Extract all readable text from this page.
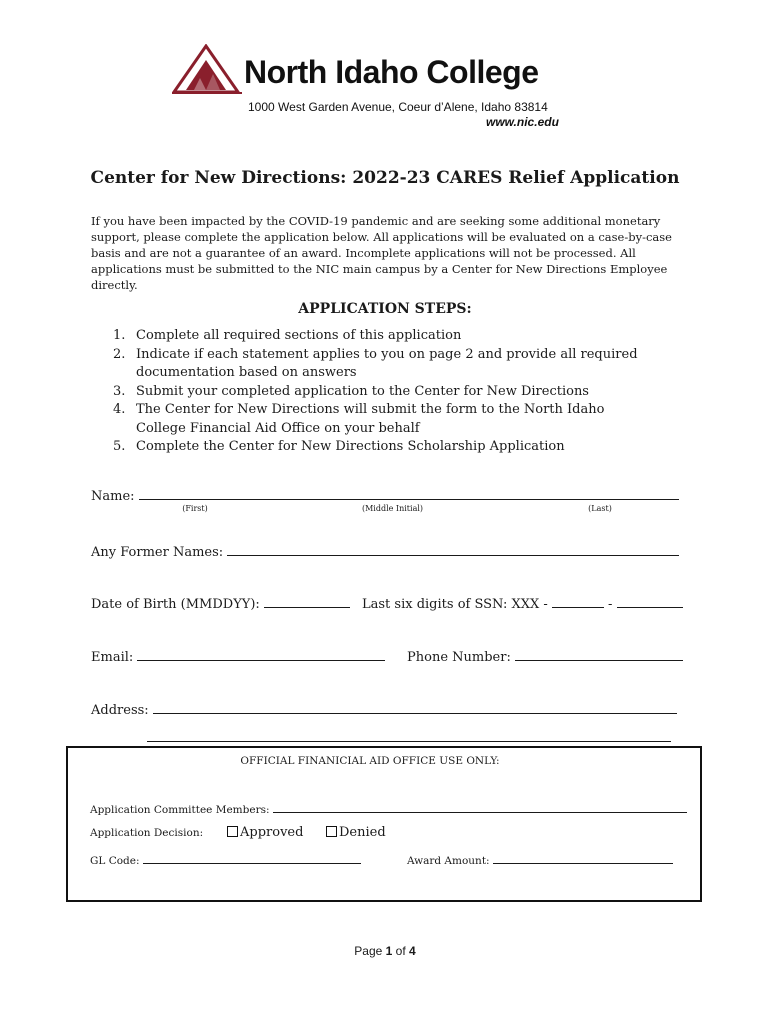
North Idaho College
1000 West Garden Avenue, Coeur d’Alene, Idaho 83814
www.nic.edu
Center for New Directions: 2022-23 CARES Relief Application
If you have been impacted by the COVID-19 pandemic and are seeking some additional monetary support, please complete the application below. All applications will be evaluated on a case-by-case basis and are not a guarantee of an award. Incomplete applications will not be processed. All applications must be submitted to the NIC main campus by a Center for New Directions Employee directly.
APPLICATION STEPS:
1. Complete all required sections of this application
2. Indicate if each statement applies to you on page 2 and provide all required documentation based on answers
3. Submit your completed application to the Center for New Directions
4. The Center for New Directions will submit the form to the North Idaho College Financial Aid Office on your behalf
5. Complete the Center for New Directions Scholarship Application
Name:
(First)	(Middle Initial)	(Last)
Any Former Names:
Date of Birth (MMDDYY):	Last six digits of SSN: XXX -	-
Email:	Phone Number:
Address:
OFFICIAL FINANICIAL AID OFFICE USE ONLY:
Application Committee Members:
Application Decision:	Approved	Denied
GL Code:	Award Amount:
Page 1 of 4
